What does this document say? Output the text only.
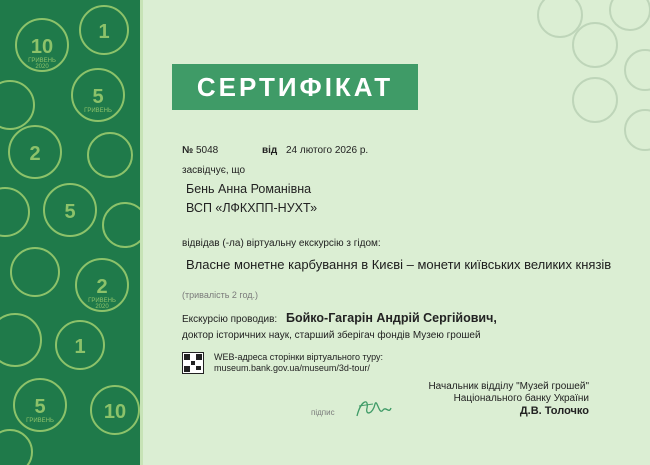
10
1
5
2
5
2
1
5	10
ГРИВЕНЬ
ГРИВЕНЬ
ГРИВЕНЬ
ГРИВЕНЬ
2020
2020
СЕРТИФІКАТ
№ 5048	від 24 лютого 2026 р.
засвідчує, що
Бень Анна Романівна
ВСП «ЛФКХПП-НУХТ»
відвідав (-ла) віртуальну екскурсію з гідом:
Власне монетне карбування в Києві – монети київських великих князів
(тривалість 2 год.)
Екскурсію проводив: Бойко-Гагарін Андрій Сергійович,
доктор історичних наук, старший зберігач фондів Музею грошей
WEB-адреса сторінки віртуального туру:
museum.bank.gov.ua/museum/3d-tour/
підпис
Начальник відділу "Музей грошей"
Національного банку України
Д.В. Толочко
